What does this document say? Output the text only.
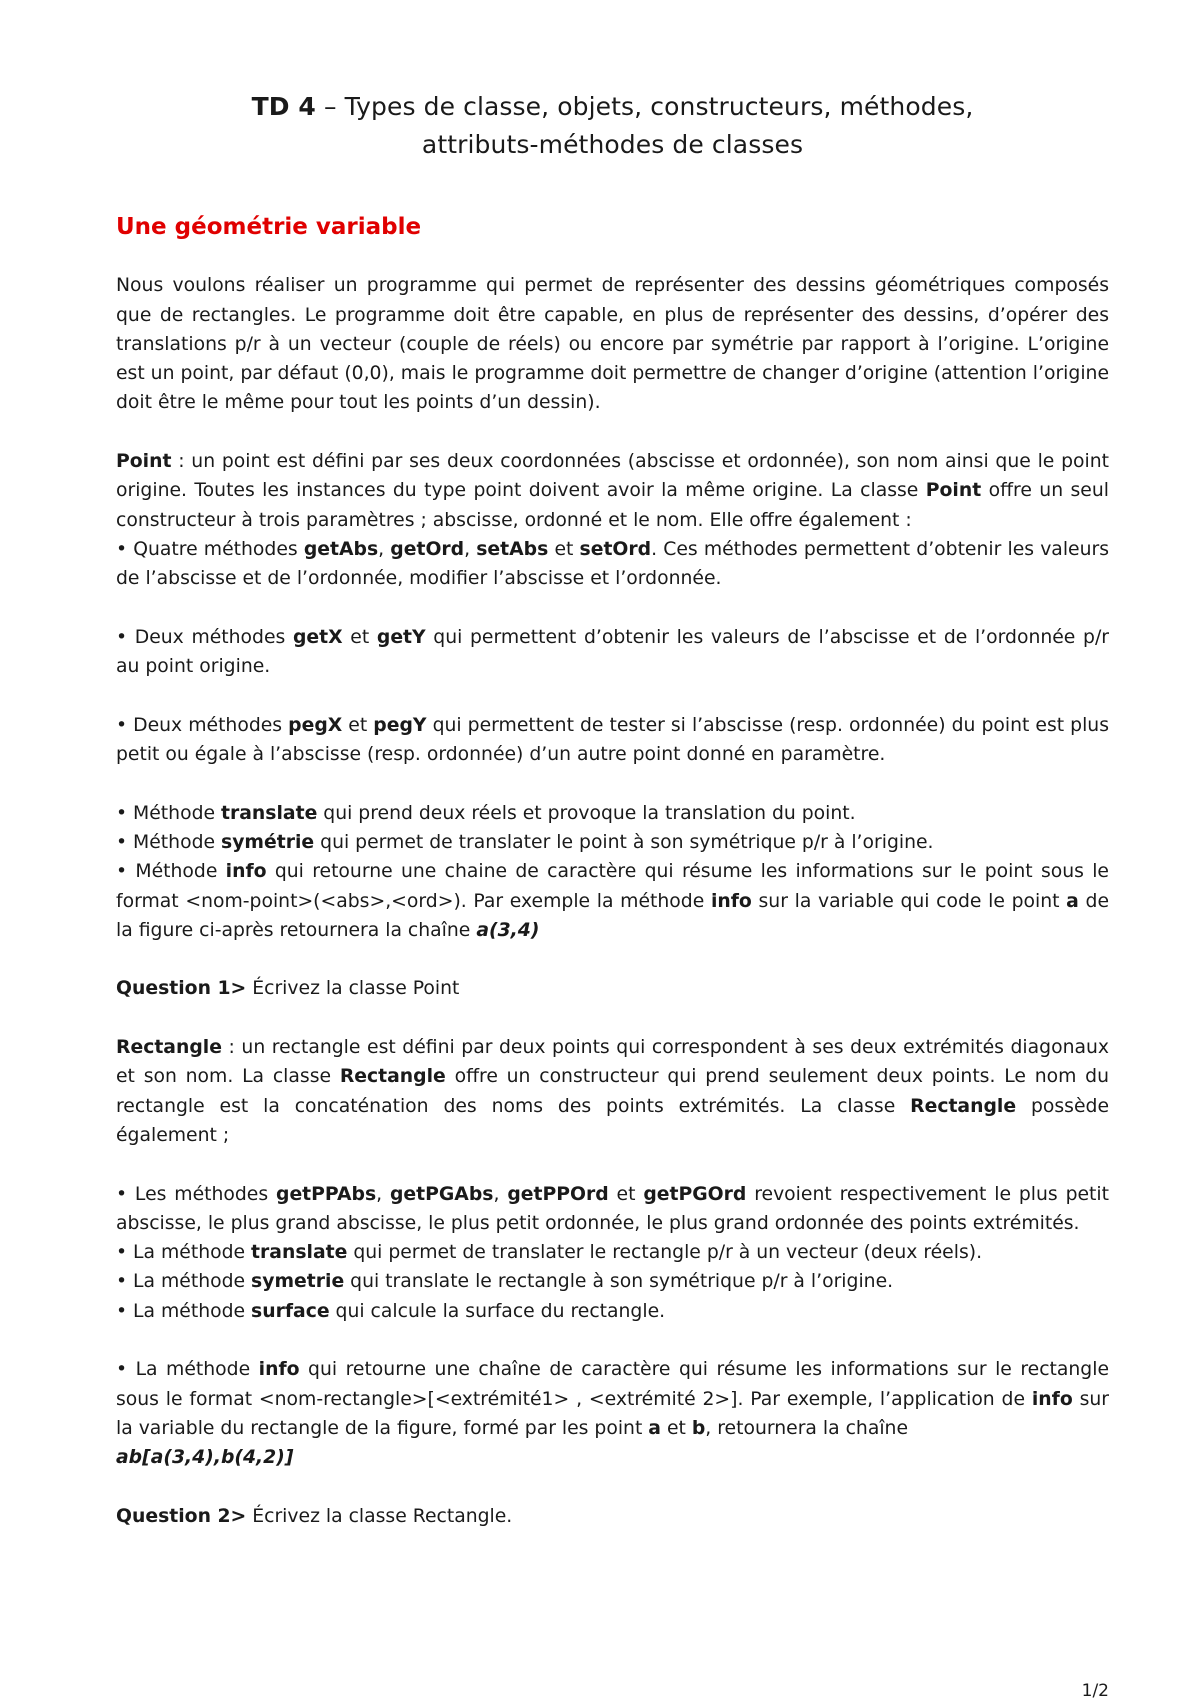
TD 4 – Types de classe, objets, constructeurs, méthodes,
attributs-méthodes de classes
Une géométrie variable

Nous voulons réaliser un programme qui permet de représenter des dessins géométriques composés que de rectangles. Le programme doit être capable, en plus de représenter des dessins, d’opérer des translations p/r à un vecteur (couple de réels) ou encore par symétrie par rapport à l’origine. L’origine est un point, par défaut (0,0), mais le programme doit permettre de changer d’origine (attention l’origine doit être le même pour tout les points d’un dessin).

Point : un point est défini par ses deux coordonnées (abscisse et ordonnée), son nom ainsi que le point origine. Toutes les instances du type point doivent avoir la même origine. La classe Point offre un seul constructeur à trois paramètres ; abscisse, ordonné et le nom. Elle offre également :

• Quatre méthodes getAbs, getOrd, setAbs et setOrd. Ces méthodes permettent d’obtenir les valeurs de l’abscisse et de l’ordonnée, modifier l’abscisse et l’ordonnée.

• Deux méthodes getX et getY qui permettent d’obtenir les valeurs de l’abscisse et de l’ordonnée p/r au point origine.

• Deux méthodes pegX et pegY qui permettent de tester si l’abscisse (resp. ordonnée) du point est plus petit ou égale à l’abscisse (resp. ordonnée) d’un autre point donné en paramètre.

• Méthode translate qui prend deux réels et provoque la translation du point.

• Méthode symétrie qui permet de translater le point à son symétrique p/r à l’origine.

• Méthode info qui retourne une chaine de caractère qui résume les informations sur le point sous le format <nom-point>(<abs>,<ord>). Par exemple la méthode info sur la variable qui code le point a de la figure ci-après retournera la chaîne a(3,4)

Question 1> Écrivez la classe Point

Rectangle : un rectangle est défini par deux points qui correspondent à ses deux extrémités diagonaux et son nom. La classe Rectangle offre un constructeur qui prend seulement deux points. Le nom du rectangle est la concaténation des noms des points extrémités. La classe Rectangle possède également ;

• Les méthodes getPPAbs, getPGAbs, getPPOrd et getPGOrd revoient respectivement le plus petit abscisse, le plus grand abscisse, le plus petit ordonnée, le plus grand ordonnée des points extrémités.

• La méthode translate qui permet de translater le rectangle p/r à un vecteur (deux réels).

• La méthode symetrie qui translate le rectangle à son symétrique p/r à l’origine.

• La méthode surface qui calcule la surface du rectangle.

• La méthode info qui retourne une chaîne de caractère qui résume les informations sur le rectangle sous le format <nom-rectangle>[<extrémité1> , <extrémité 2>]. Par exemple, l’application de info sur la variable du rectangle de la figure, formé par les point a et b, retournera la chaîne
ab[a(3,4),b(4,2)]

Question 2> Écrivez la classe Rectangle.

1/2
